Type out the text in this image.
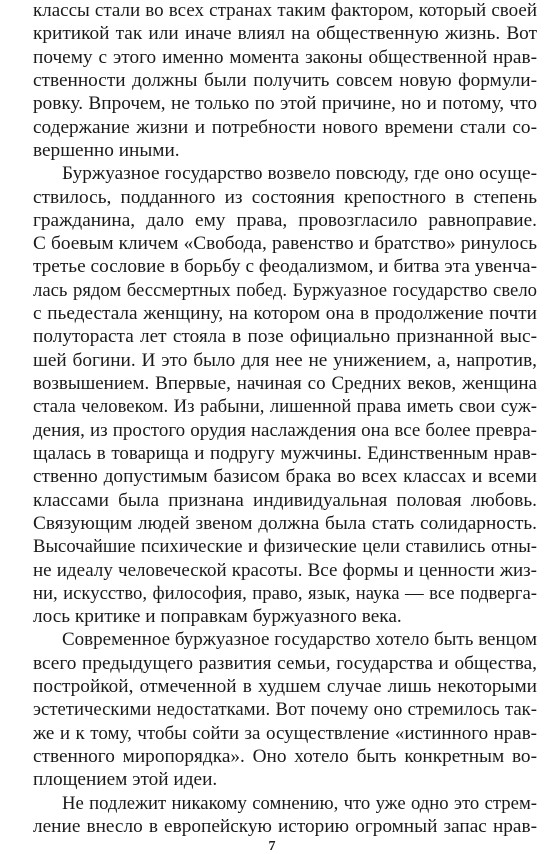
классы стали во всех странах таким фактором, который своей
критикой так или иначе влиял на общественную жизнь. Вот
почему с этого именно момента законы общественной нрав-
ственности должны были получить совсем новую формули-
ровку. Впрочем, не только по этой причине, но и потому, что
содержание жизни и потребности нового времени стали со-
вершенно иными.
Буржуазное государство возвело повсюду, где оно осуще-
ствилось, подданного из состояния крепостного в степень
гражданина, дало ему права, провозгласило равноправие.
С боевым кличем «Свобода, равенство и братство» ринулось
третье сословие в борьбу с феодализмом, и битва эта увенча-
лась рядом бессмертных побед. Буржуазное государство свело
с пьедестала женщину, на котором она в продолжение почти
полутораста лет стояла в позе официально признанной выс-
шей богини. И это было для нее не унижением, а, напротив,
возвышением. Впервые, начиная со Средних веков, женщина
стала человеком. Из рабыни, лишенной права иметь свои суж-
дения, из простого орудия наслаждения она все более превра-
щалась в товарища и подругу мужчины. Единственным нрав-
ственно допустимым базисом брака во всех классах и всеми
классами была признана индивидуальная половая любовь.
Связующим людей звеном должна была стать солидарность.
Высочайшие психические и физические цели ставились отны-
не идеалу человеческой красоты. Все формы и ценности жиз-
ни, искусство, философия, право, язык, наука — все подверга-
лось критике и поправкам буржуазного века.
Современное буржуазное государство хотело быть венцом
всего предыдущего развития семьи, государства и общества,
постройкой, отмеченной в худшем случае лишь некоторыми
эстетическими недостатками. Вот почему оно стремилось так-
же и к тому, чтобы сойти за осуществление «истинного нрав-
ственного миропорядка». Оно хотело быть конкретным во-
площением этой идеи.
Не подлежит никакому сомнению, что уже одно это стрем-
ление внесло в европейскую историю огромный запас нрав-
7
